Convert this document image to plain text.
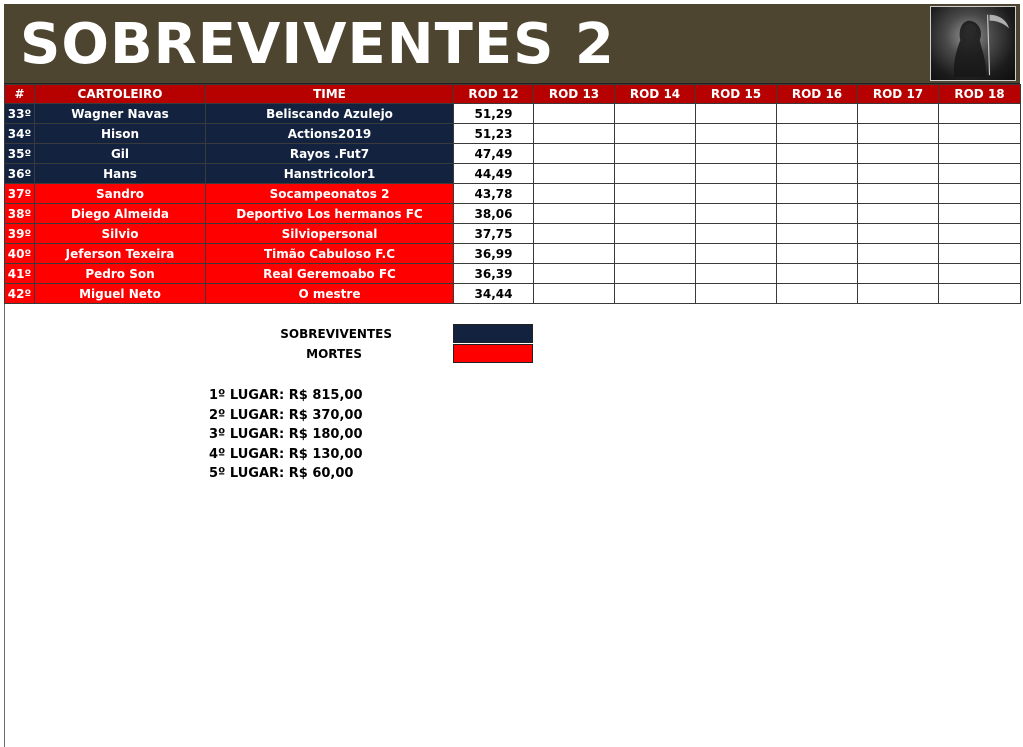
SOBREVIVENTES 2
#	CARTOLEIRO	TIME	ROD 12	ROD 13	ROD 14	ROD 15	ROD 16	ROD 17	ROD 18
33º	Wagner Navas	Beliscando Azulejo	51,29						
34º	Hison	Actions2019	51,23						
35º	Gil	Rayos .Fut7	47,49						
36º	Hans	Hanstricolor1	44,49						
37º	Sandro	Socampeonatos 2	43,78						
38º	Diego Almeida	Deportivo Los hermanos FC	38,06						
39º	Silvio	Silviopersonal	37,75						
40º	Jeferson Texeira	Timão Cabuloso F.C	36,99						
41º	Pedro Son	Real Geremoabo FC	36,39						
42º	Miguel Neto	O mestre	34,44						
SOBREVIVENTES
MORTES
1º LUGAR: R$ 815,00
2º LUGAR: R$ 370,00
3º LUGAR: R$ 180,00
4º LUGAR: R$ 130,00
5º LUGAR: R$ 60,00
